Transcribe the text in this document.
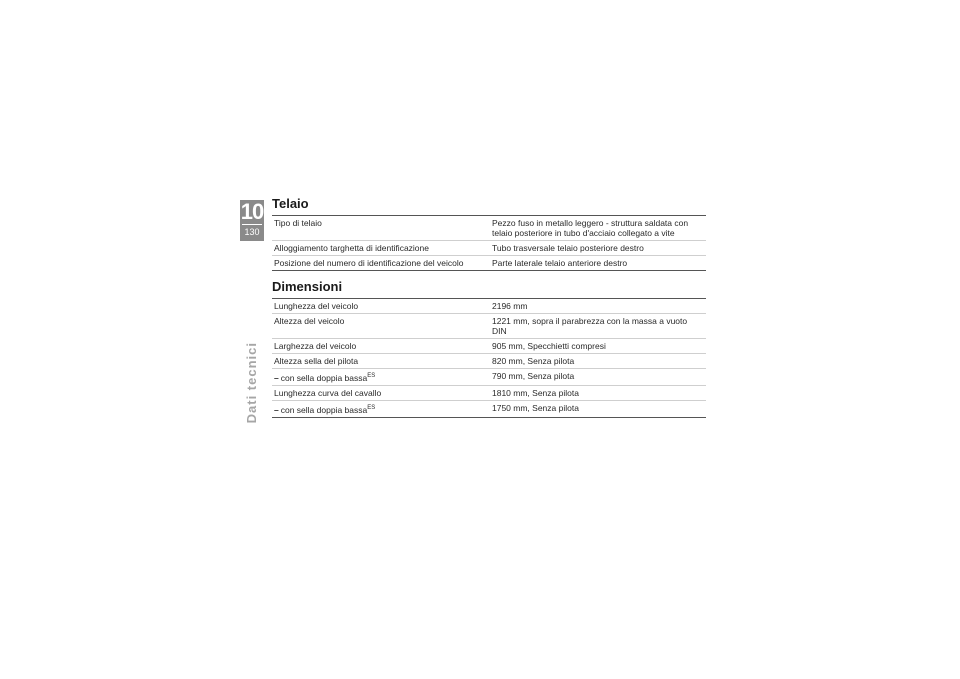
10
130
Dati tecnici
Telaio
Tipo di telaio	Pezzo fuso in metallo leggero - struttura saldata con telaio posteriore in tubo d'acciaio collegato a vite
Alloggiamento targhetta di identificazione	Tubo trasversale telaio posteriore destro
Posizione del numero di identificazione del veicolo	Parte laterale telaio anteriore destro
Dimensioni
Lunghezza del veicolo	2196 mm
Altezza del veicolo	1221 mm, sopra il parabrezza con la massa a vuoto DIN
Larghezza del veicolo	905 mm, Specchietti compresi
Altezza sella del pilota	820 mm, Senza pilota
– con sella doppia bassa$^{ES}$	790 mm, Senza pilota
Lunghezza curva del cavallo	1810 mm, Senza pilota
– con sella doppia bassa$^{ES}$	1750 mm, Senza pilota
